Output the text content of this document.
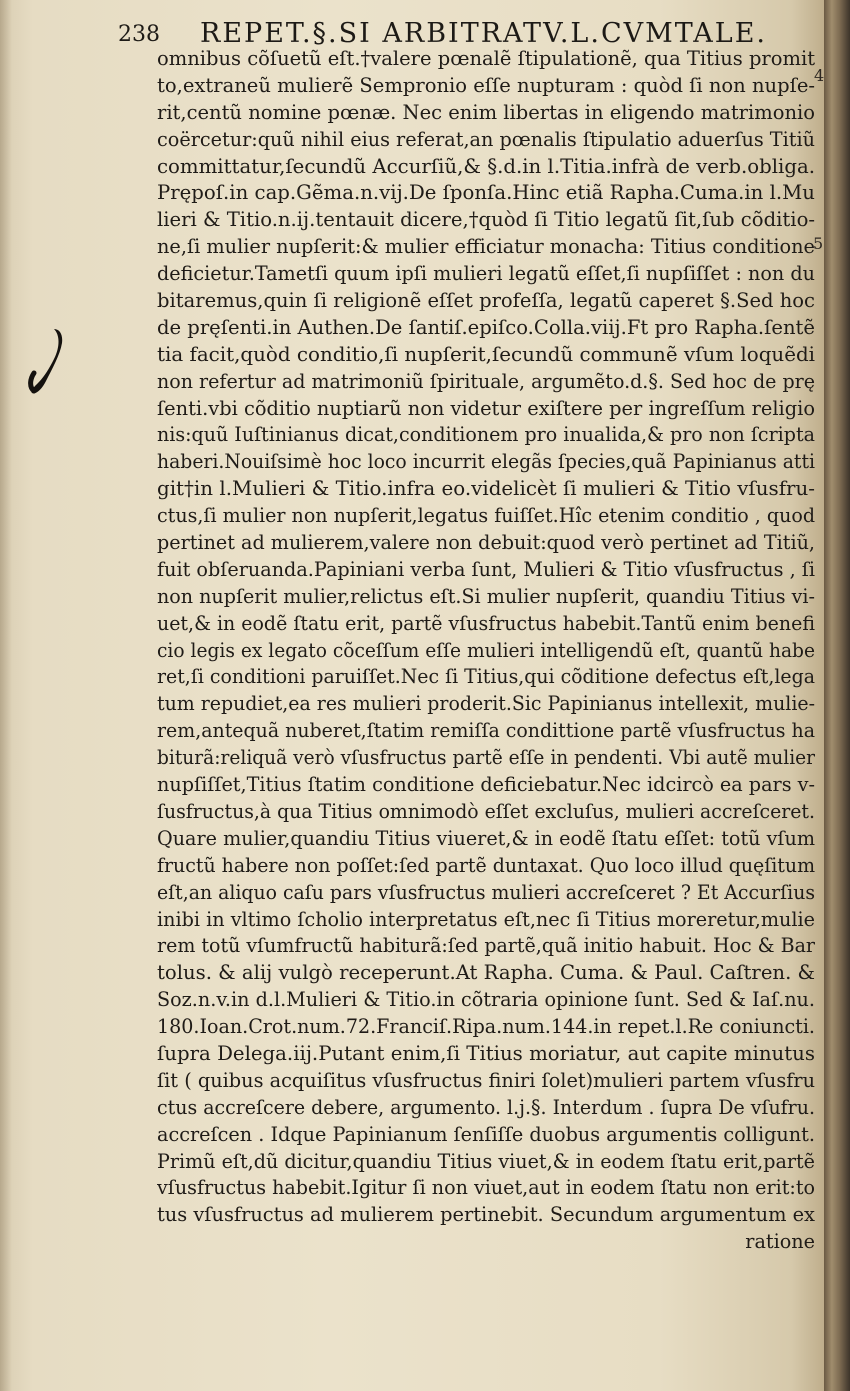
238 REPET.§.SI ARBITRATV.L.CVMTALE.
4
5
omnibus cõſuetũ eſt.†valere pœnalẽ ſtipulationẽ, qua Titius promit
to,extraneũ mulierẽ Sempronio eſſe nupturam : quòd ſi non nupſe-
rit,centũ nomine pœnæ. Nec enim libertas in eligendo matrimonio
coërcetur:quũ nihil eius referat,an pœnalis ſtipulatio aduerſus Titiũ
committatur,ſecundũ Accurſiũ,& §.d.in l.Titia.infrà de verb.obliga.
Prępoſ.in cap.Gẽma.n.vij.De ſponſa.Hinc etiã Rapha.Cuma.in l.Mu
lieri & Titio.n.ij.tentauit dicere,†quòd ſi Titio legatũ ſit,ſub cõditio-
ne,ſi mulier nupſerit:& mulier efficiatur monacha: Titius conditione
deficietur.Tametſi quum ipſi mulieri legatũ eſſet,ſi nupſiſſet : non du
bitaremus,quin ſi religionẽ eſſet profeſſa, legatũ caperet §.Sed hoc
de pręſenti.in Authen.De ſantiſ.epiſco.Colla.viij.Ft pro Rapha.ſentẽ
tia facit,quòd conditio,ſi nupſerit,ſecundũ communẽ vſum loquẽdi
non refertur ad matrimoniũ ſpirituale, argumẽto.d.§. Sed hoc de prę
ſenti.vbi cõditio nuptiarũ non videtur exiſtere per ingreſſum religio
nis:quũ Iuſtinianus dicat,conditionem pro inualida,& pro non ſcripta
haberi.Nouiſsimè hoc loco incurrit elegãs ſpecies,quã Papinianus atti
git†in l.Mulieri & Titio.infra eo.videlicèt ſi mulieri & Titio vſusfru-
ctus,ſi mulier non nupſerit,legatus fuiſſet.Hîc etenim conditio , quod
pertinet ad mulierem,valere non debuit:quod verò pertinet ad Titiũ,
fuit obſeruanda.Papiniani verba ſunt, Mulieri & Titio vſusfructus , ſi
non nupſerit mulier,relictus eſt.Si mulier nupſerit, quandiu Titius vi-
uet,& in eodẽ ſtatu erit, partẽ vſusfructus habebit.Tantũ enim benefi
cio legis ex legato cõceſſum eſſe mulieri intelligendũ eſt, quantũ habe
ret,ſi conditioni paruiſſet.Nec ſi Titius,qui cõditione defectus eſt,lega
tum repudiet,ea res mulieri proderit.Sic Papinianus intellexit, mulie-
rem,antequã nuberet,ſtatim remiſſa condittione partẽ vſusfructus ha
biturã:reliquã verò vſusfructus partẽ eſſe in pendenti. Vbi autẽ mulier
nupſiſſet,Titius ſtatim conditione deficiebatur.Nec idcircò ea pars v-
ſusfructus,à qua Titius omnimodò eſſet excluſus, mulieri accreſceret.
Quare mulier,quandiu Titius viueret,& in eodẽ ſtatu eſſet: totũ vſum
fructũ habere non poſſet:ſed partẽ duntaxat. Quo loco illud quęſitum
eſt,an aliquo caſu pars vſusfructus mulieri accreſceret ? Et Accurſius
inibi in vltimo ſcholio interpretatus eſt,nec ſi Titius moreretur,mulie
rem totũ vſumfructũ habiturã:ſed partẽ,quã initio habuit. Hoc & Bar
tolus. & alij vulgò receperunt.At Rapha. Cuma. & Paul. Caſtren. &
Soz.n.v.in d.l.Mulieri & Titio.in cõtraria opinione ſunt. Sed & Iaſ.nu.
180.Ioan.Crot.num.72.Franciſ.Ripa.num.144.in repet.l.Re coniuncti.
ſupra Delega.iij.Putant enim,ſi Titius moriatur, aut capite minutus
ſit ( quibus acquiſitus vſusfructus finiri ſolet)mulieri partem vſusfru
ctus accreſcere debere, argumento. l.j.§. Interdum . ſupra De vſufru.
accreſcen . Idque Papinianum ſenſiſſe duobus argumentis colligunt.
Primũ eſt,dũ dicitur,quandiu Titius viuet,& in eodem ſtatu erit,partẽ
vſusfructus habebit.Igitur ſi non viuet,aut in eodem ſtatu non erit:to
tus vſusfructus ad mulierem pertinebit. Secundum argumentum ex
ratione
